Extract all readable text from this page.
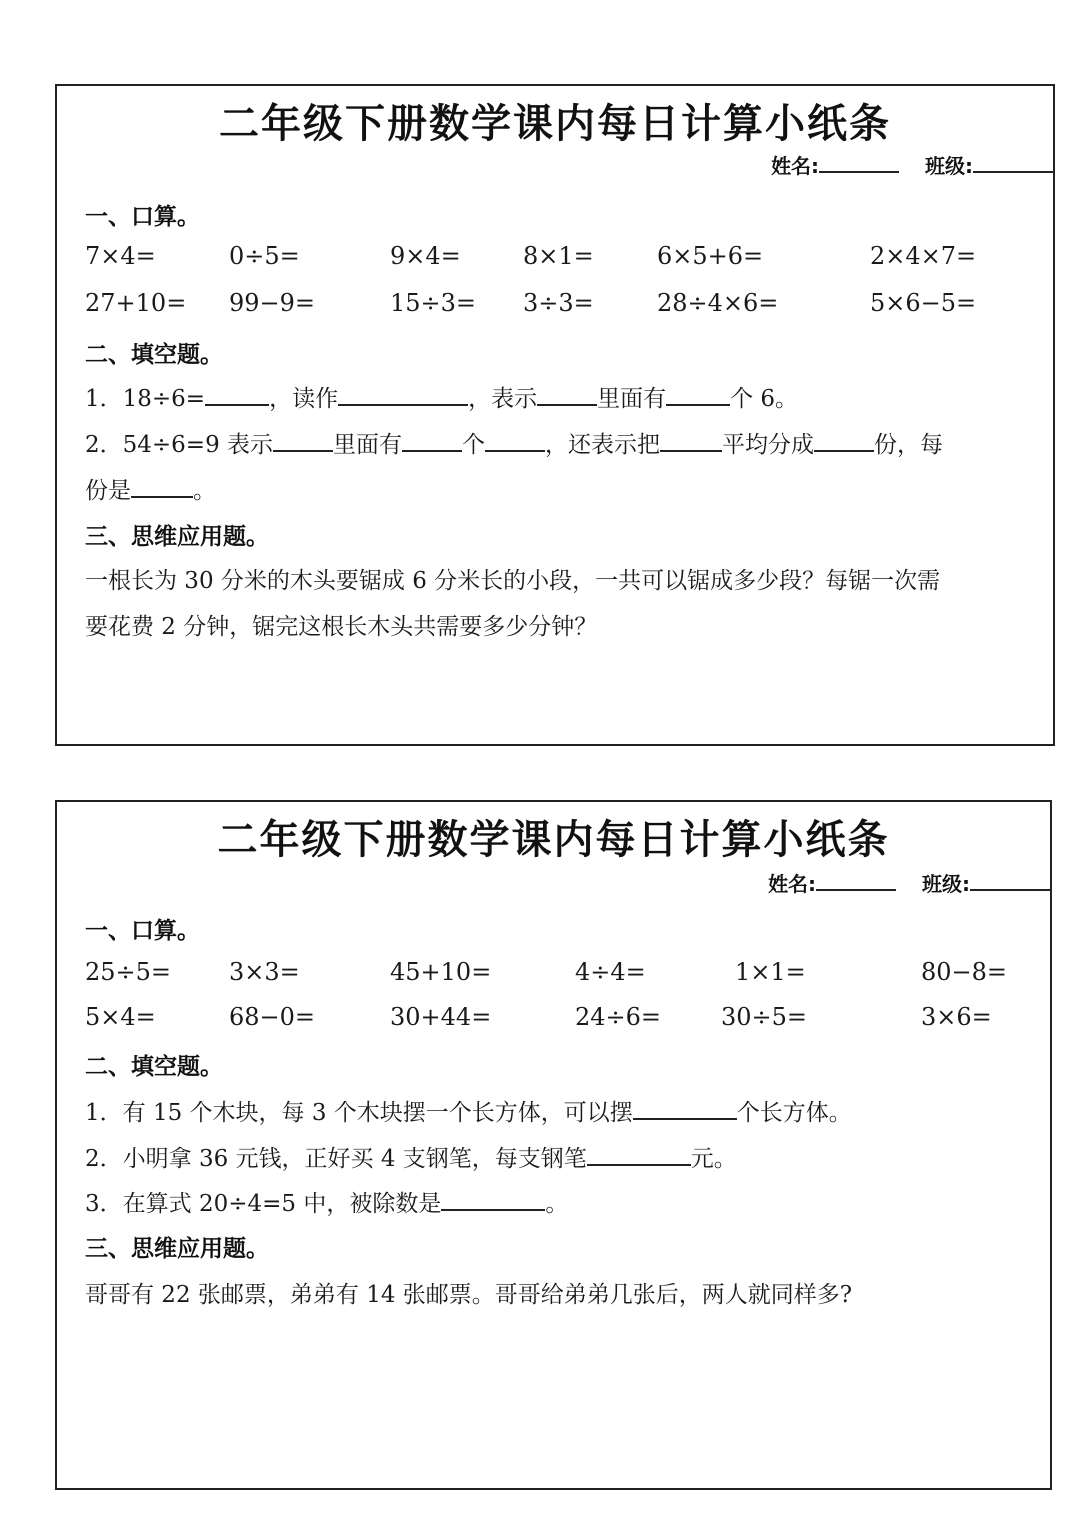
二年级下册数学课内每日计算小纸条
姓名:	班级:
一、口算。
7×4=	0÷5=	9×4=	8×1=	6×5+6=	2×4×7=
27+10= 99−9=	15÷3= 3÷3=	28÷4×6=	5×6−5=
二、填空题。
1．18÷6=	，读作	，表示	里面有	个 6。
2．54÷6=9 表示	里面有	个	，还表示把	平均分成	份，每
份是	。
三、思维应用题。
一根长为 30 分米的木头要锯成 6 分米长的小段，一共可以锯成多少段？每锯一次需
要花费 2 分钟，锯完这根长木头共需要多少分钟？
二年级下册数学课内每日计算小纸条
姓名:	班级:
一、口算。
25÷5= 3×3=	45+10=	4÷4=	1×1=	80−8=
5×4=	68−0=	30+44=	24÷6= 30÷5=	3×6=
二、填空题。
1．有 15 个木块，每 3 个木块摆一个长方体，可以摆	个长方体。
2．小明拿 36 元钱，正好买 4 支钢笔，每支钢笔	元。
3．在算式 20÷4=5 中，被除数是	。
三、思维应用题。
哥哥有 22 张邮票，弟弟有 14 张邮票。哥哥给弟弟几张后，两人就同样多?
